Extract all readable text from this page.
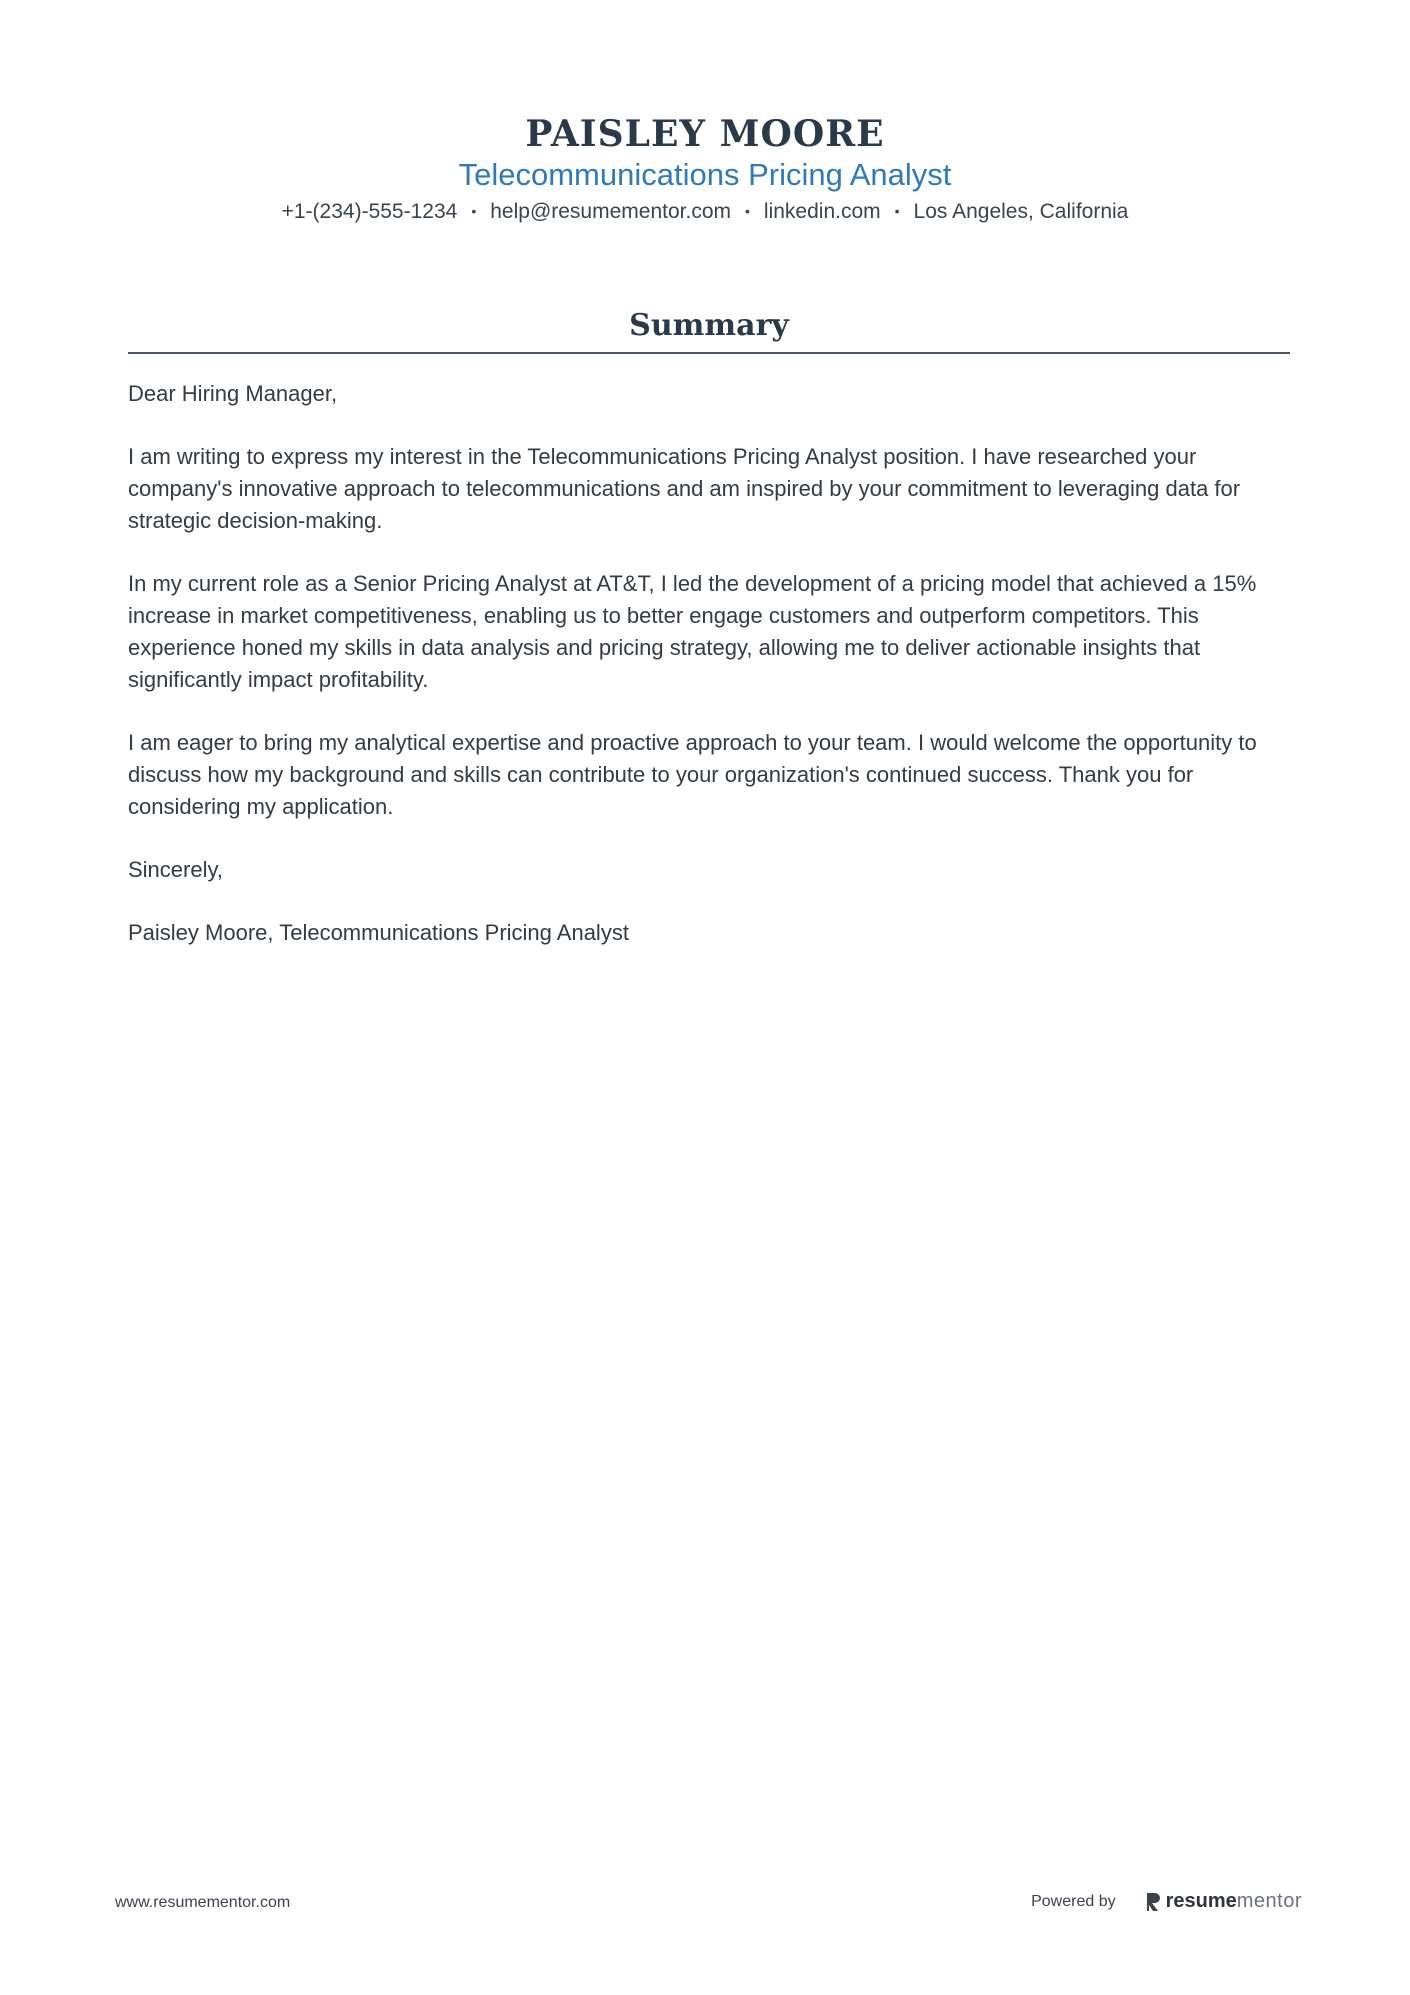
PAISLEY MOORE
Telecommunications Pricing Analyst
+1-(234)-555-1234 • help@resumementor.com • linkedin.com • Los Angeles, California
Summary

Dear Hiring Manager,

I am writing to express my interest in the Telecommunications Pricing Analyst position. I have researched your company's innovative approach to telecommunications and am inspired by your commitment to leveraging data for strategic decision-making.

In my current role as a Senior Pricing Analyst at AT&T, I led the development of a pricing model that achieved a 15% increase in market competitiveness, enabling us to better engage customers and outperform competitors. This experience honed my skills in data analysis and pricing strategy, allowing me to deliver actionable insights that significantly impact profitability.

I am eager to bring my analytical expertise and proactive approach to your team. I would welcome the opportunity to discuss how my background and skills can contribute to your organization's continued success. Thank you for considering my application.

Sincerely,

Paisley Moore, Telecommunications Pricing Analyst

www.resumementor.com	Powered by	resume mentor
